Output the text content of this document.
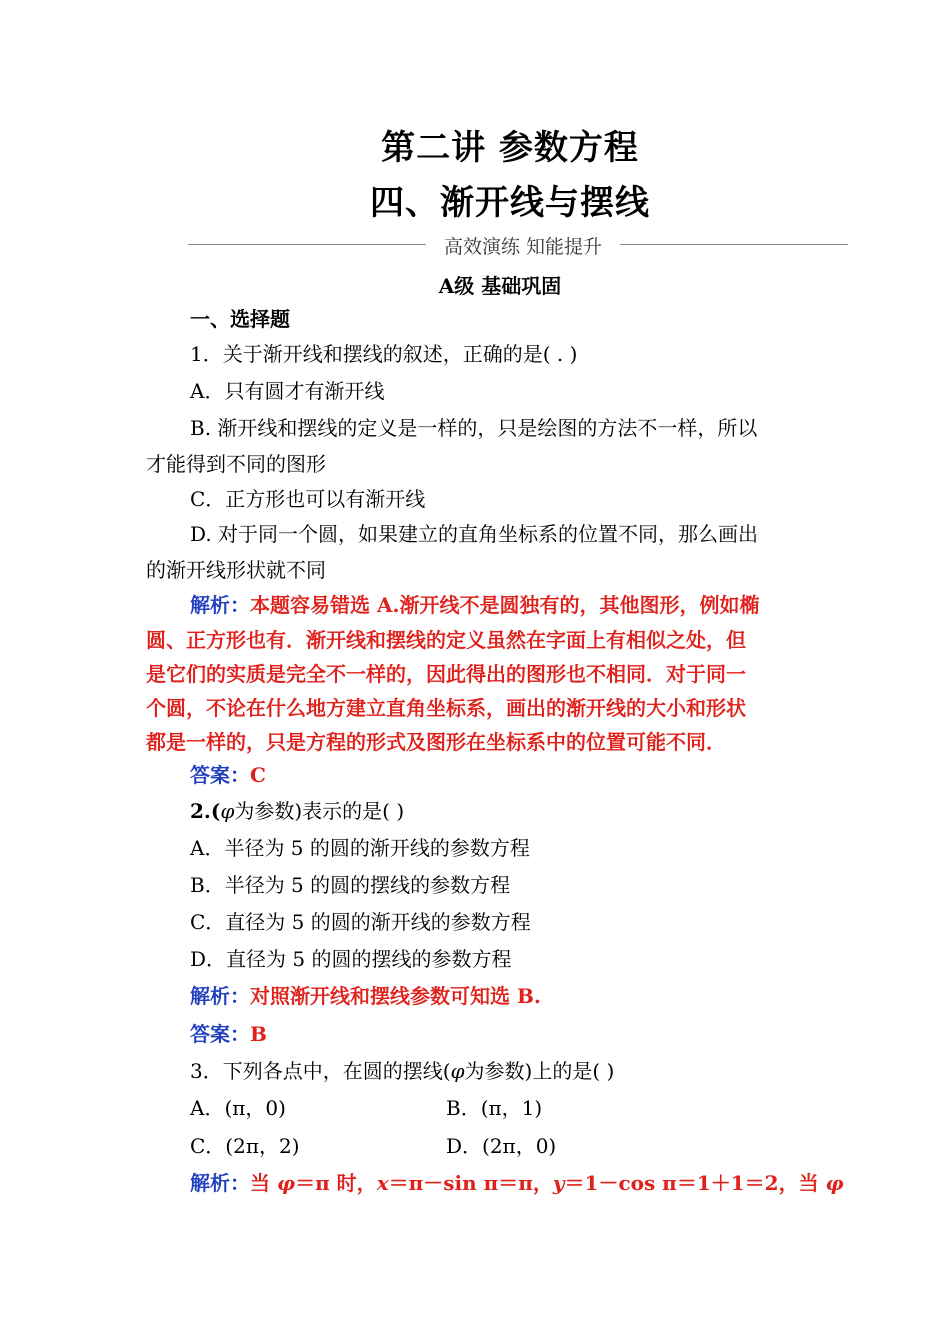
第二讲 参数方程
四、渐开线与摆线
高效演练 知能提升
A级 基础巩固
一、选择题
1．关于渐开线和摆线的叙述，正确的是( . )
A．只有圆才有渐开线
B. 渐开线和摆线的定义是一样的，只是绘图的方法不一样，所以
才能得到不同的图形
C．正方形也可以有渐开线
D. 对于同一个圆，如果建立的直角坐标系的位置不同，那么画出
的渐开线形状就不同
解析：本题容易错选 A.渐开线不是圆独有的，其他图形，例如椭
圆、正方形也有．渐开线和摆线的定义虽然在字面上有相似之处，但
是它们的实质是完全不一样的，因此得出的图形也不相同．对于同一
个圆，不论在什么地方建立直角坐标系，画出的渐开线的大小和形状
都是一样的，只是方程的形式及图形在坐标系中的位置可能不同．
答案：C
2.(φ为参数)表示的是( )
A．半径为 5 的圆的渐开线的参数方程
B．半径为 5 的圆的摆线的参数方程
C．直径为 5 的圆的渐开线的参数方程
D．直径为 5 的圆的摆线的参数方程
解析：对照渐开线和摆线参数可知选 B.
答案：B
3．下列各点中，在圆的摆线(φ为参数)上的是( )
A．(π，0)	B．(π，1)
C．(2π，2)	D．(2π，0)
解析：当 φ＝π 时，x＝π－sin π＝π，y＝1－cos π＝1＋1＝2，当 φ
